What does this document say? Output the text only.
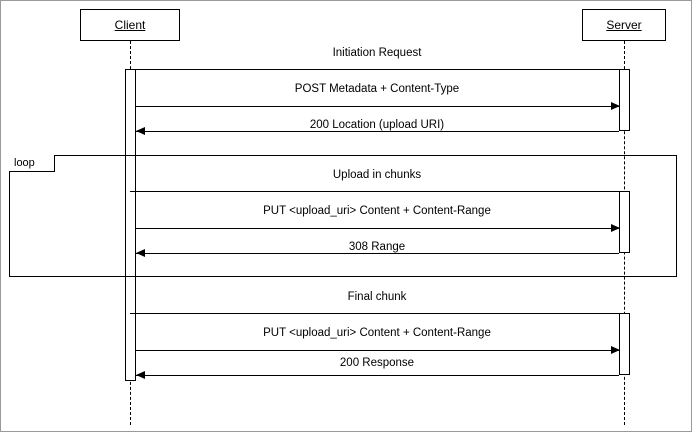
Client	Server
loop
Initiation Request
POST Metadata + Content-Type
200 Location (upload URI)
Upload in chunks
PUT <upload_uri> Content + Content-Range
308 Range
Final chunk
PUT <upload_uri> Content + Content-Range
200 Response
